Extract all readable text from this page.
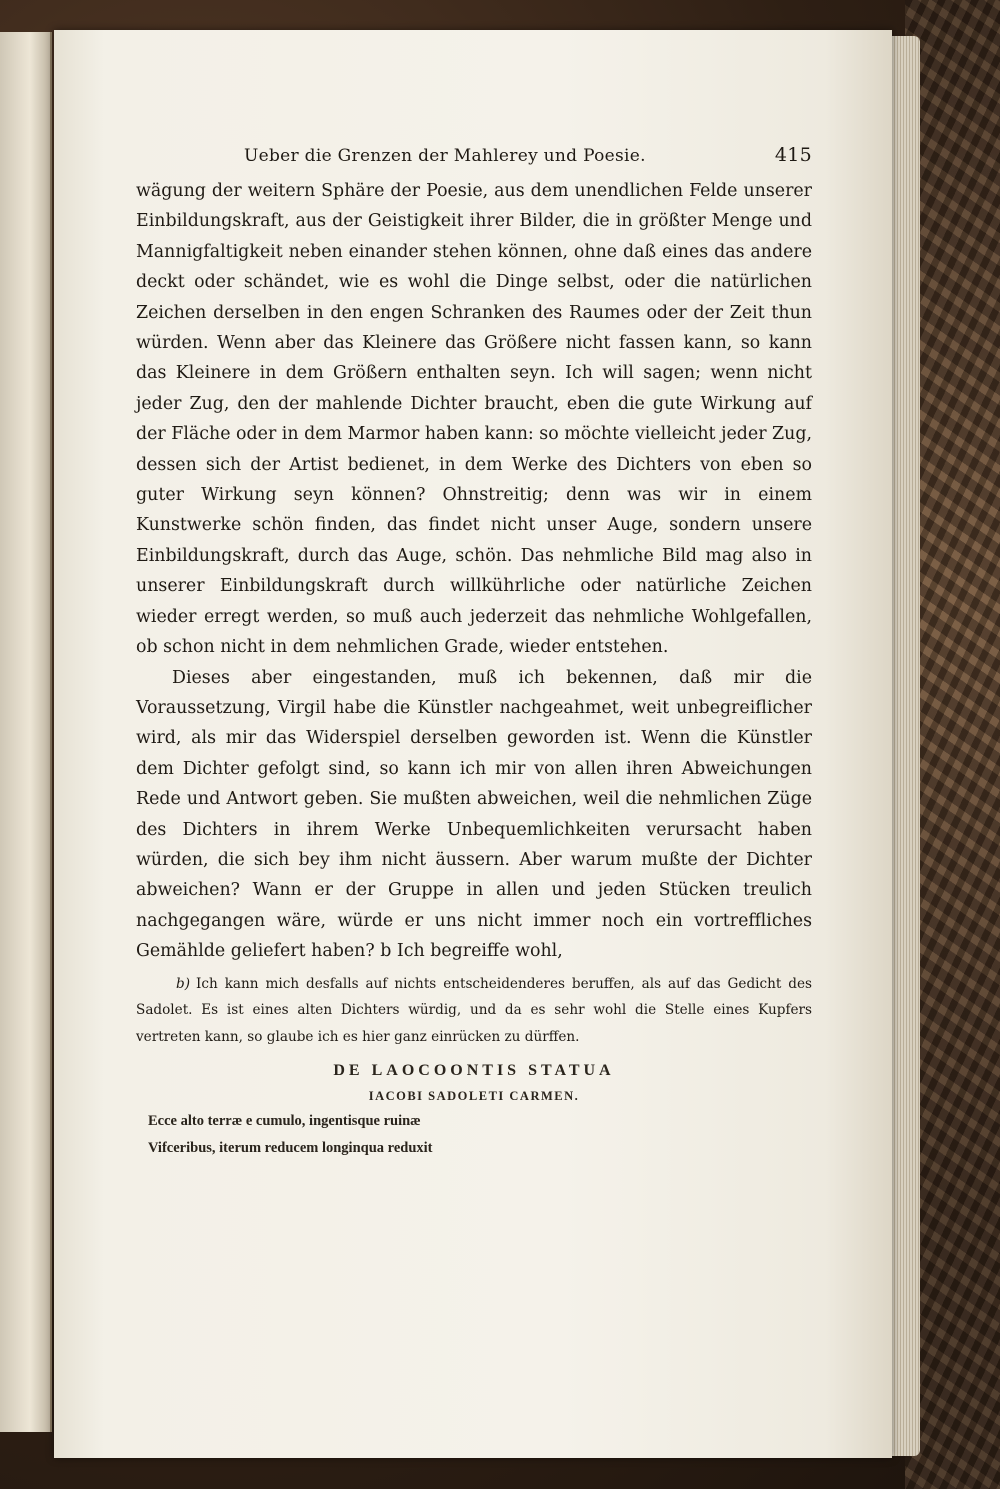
Ueber die Grenzen der Mahlerey und Poesie.	415

wägung der weitern Sphäre der Poesie, aus dem unendlichen Felde unserer Einbildungskraft, aus der Geistigkeit ihrer Bilder, die in größter Menge und Mannigfaltigkeit neben einander stehen können, ohne daß eines das andere deckt oder schändet, wie es wohl die Dinge selbst, oder die natürlichen Zeichen derselben in den engen Schranken des Raumes oder der Zeit thun würden. Wenn aber das Kleinere das Größere nicht fassen kann, so kann das Kleinere in dem Größern enthalten seyn. Ich will sagen; wenn nicht jeder Zug, den der mahlende Dichter braucht, eben die gute Wirkung auf der Fläche oder in dem Marmor haben kann: so möchte vielleicht jeder Zug, dessen sich der Artist bedienet, in dem Werke des Dichters von eben so guter Wirkung seyn können? Ohnstreitig; denn was wir in einem Kunstwerke schön finden, das findet nicht unser Auge, sondern unsere Einbildungskraft, durch das Auge, schön. Das nehmliche Bild mag also in unserer Einbildungskraft durch willkührliche oder natürliche Zeichen wieder erregt werden, so muß auch jederzeit das nehmliche Wohlgefallen, ob schon nicht in dem nehmlichen Grade, wieder entstehen.

Dieses aber eingestanden, muß ich bekennen, daß mir die Voraussetzung, Virgil habe die Künstler nachgeahmet, weit unbegreiflicher wird, als mir das Widerspiel derselben geworden ist. Wenn die Künstler dem Dichter gefolgt sind, so kann ich mir von allen ihren Abweichungen Rede und Antwort geben. Sie mußten abweichen, weil die nehmlichen Züge des Dichters in ihrem Werke Unbequemlichkeiten verursacht haben würden, die sich bey ihm nicht äussern. Aber warum mußte der Dichter abweichen? Wann er der Gruppe in allen und jeden Stücken treulich nachgegangen wäre, würde er uns nicht immer noch ein vortreffliches Gemählde geliefert haben? b Ich begreiffe wohl,

b) Ich kann mich desfalls auf nichts entscheidenderes beruffen, als auf das Gedicht des Sadolet. Es ist eines alten Dichters würdig, und da es sehr wohl die Stelle eines Kupfers vertreten kann, so glaube ich es hier ganz einrücken zu dürffen.
DE LAOCOONTIS STATUA
IACOBI SADOLETI CARMEN.
Ecce alto terræ e cumulo, ingentisque ruinæ
Vifceribus, iterum reducem longinqua reduxit
